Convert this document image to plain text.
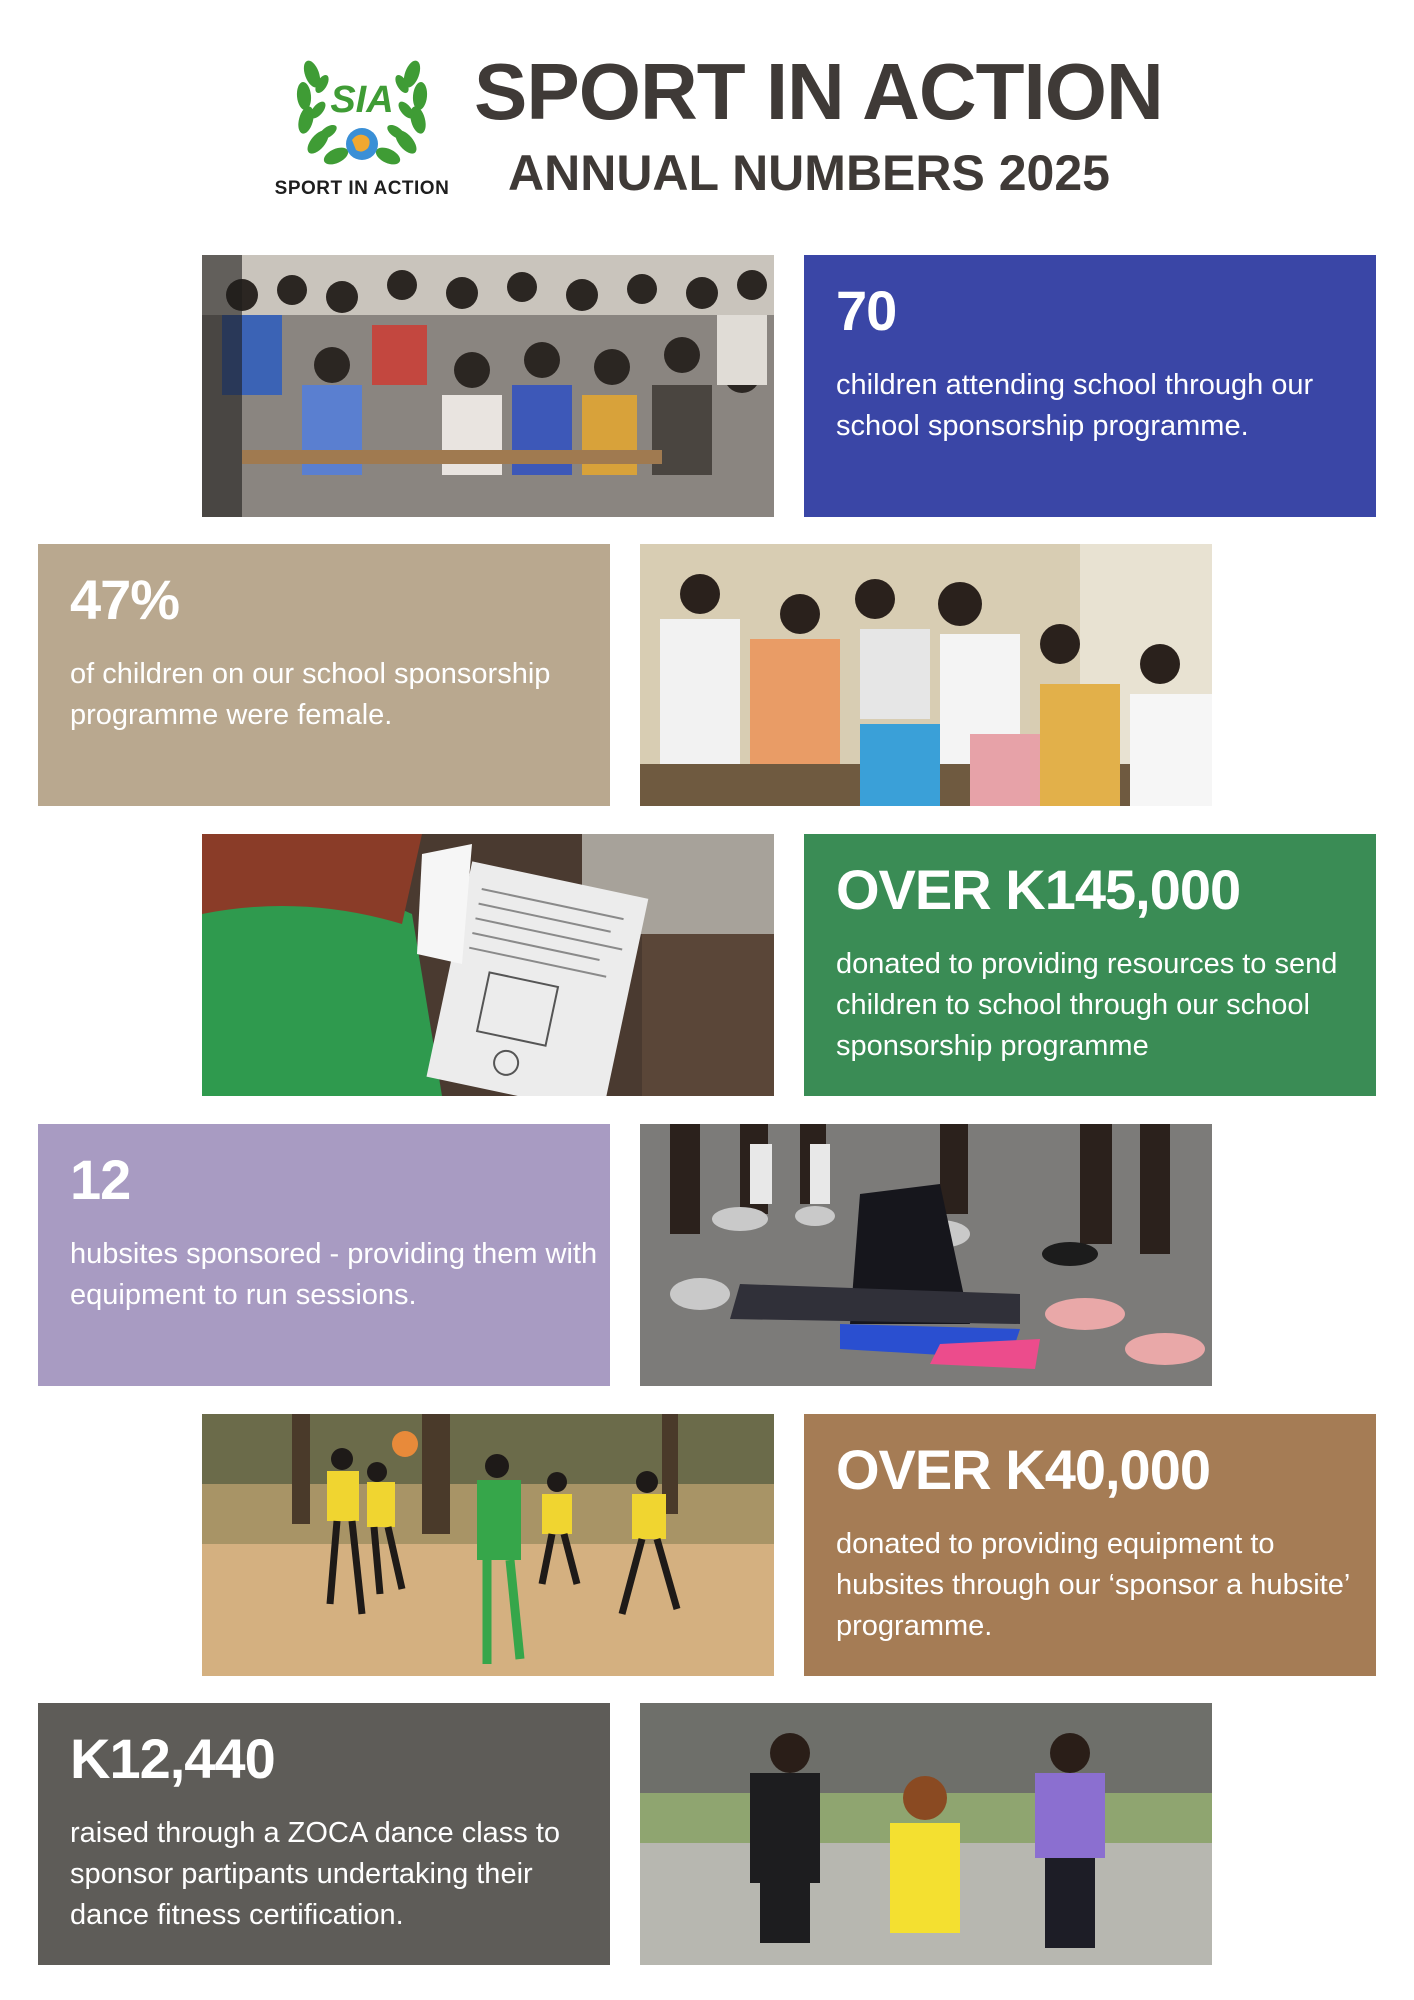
SIA
SPORT IN ACTION
SPORT IN ACTION
ANNUAL NUMBERS 2025
70
children attending school through our school sponsorship programme.
47%
of children on our school sponsorship programme were female.
OVER K145,000
donated to providing resources to send children to school through our school sponsorship programme
12
hubsites sponsored - providing them with equipment to run sessions.
OVER K40,000
donated to providing equipment to hubsites through our ‘sponsor a hubsite’ programme.
K12,440
raised through a ZOCA dance class to sponsor partipants undertaking their dance fitness certification.
